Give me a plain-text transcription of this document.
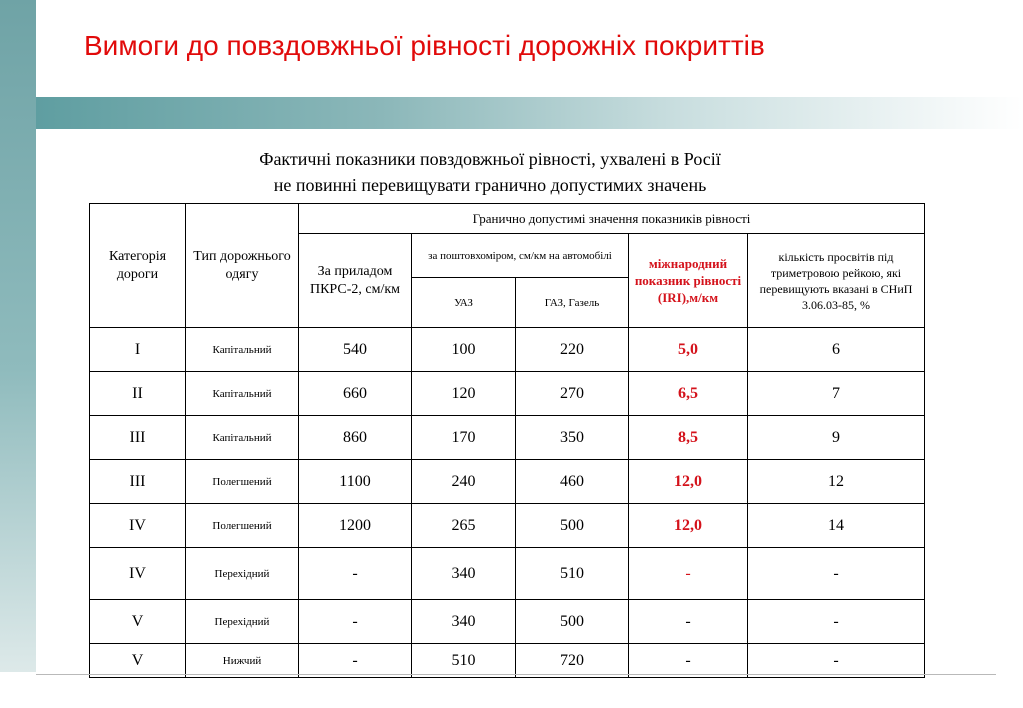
Вимоги до повздовжньої рівності дорожніх покриттів
Фактичні показники повздовжньої рівності, ухвалені в Росії
не повинні перевищувати гранично допустимих значень
Категорія дороги	Тип дорожнього одягу	Гранично допустимі значення показників рівності				
		За приладом ПКРС-2, см/км	за поштовхоміром, см/км на автомобілі		міжнародний показник рівності (IRI),м/км	кількість просвітів під триметровою рейкою, які перевищують вказані в СНиП 3.06.03-85, %
			УАЗ	ГАЗ, Газель		
I	Капітальний	540	100	220	5,0	6
II	Капітальний	660	120	270	6,5	7
III	Капітальний	860	170	350	8,5	9
III	Полегшений	1100	240	460	12,0	12
IV	Полегшений	1200	265	500	12,0	14
IV	Перехідний	-	340	510	-	-
V	Перехідний	-	340	500	-	-
V	Нижчий	-	510	720	-	-
